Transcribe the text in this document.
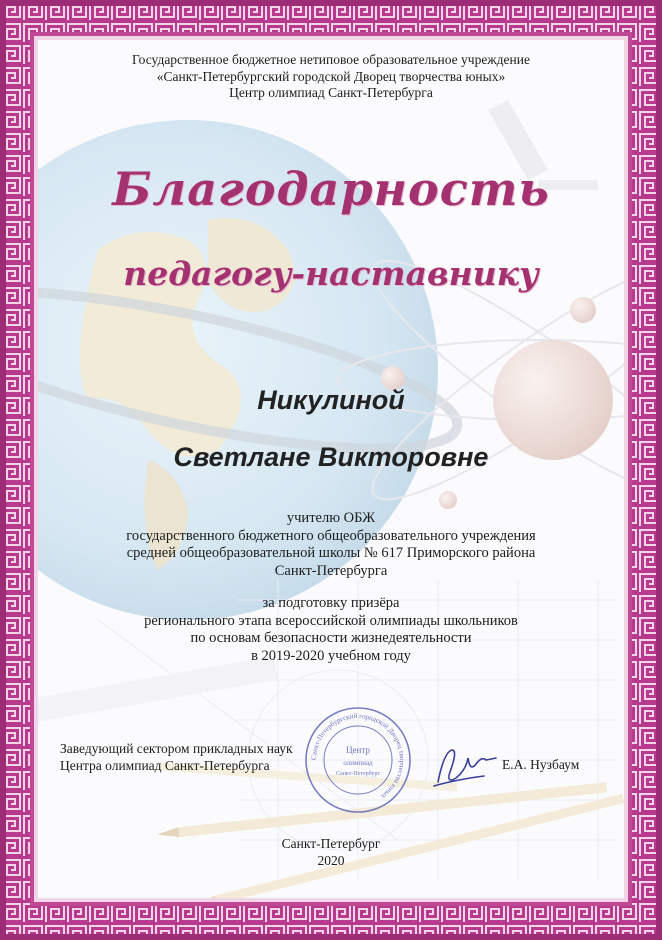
Государственное бюджетное нетиповое образовательное учреждение
«Санкт-Петербургский городской Дворец творчества юных»
Центр олимпиад Санкт-Петербурга
Благодарность
педагогу-наставнику
Никулиной
Светлане Викторовне
учителю ОБЖ
государственного бюджетного общеобразовательного учреждения
средней общеобразовательной школы № 617 Приморского района
Санкт-Петербурга
за подготовку призёра
регионального этапа всероссийской олимпиады школьников
по основам безопасности жизнедеятельности
в 2019-2020 учебном году
Санкт-Петербургский городской Дворец творчества юных
Центр
олимпиад
Санкт-Петербург
Заведующий сектором прикладных наук
Центра олимпиад Санкт-Петербурга	Е.А. Нузбаум
Санкт-Петербург
2020
